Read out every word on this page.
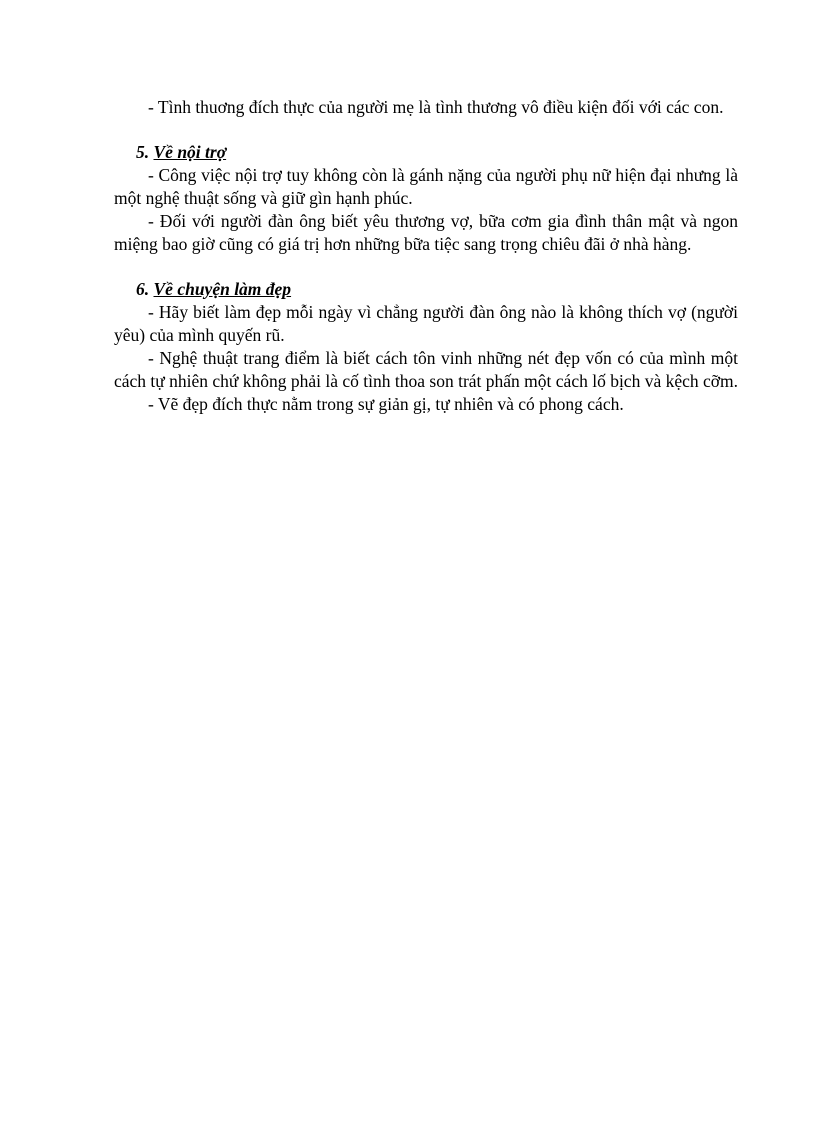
- Tình thuơng đích thực của người mẹ là tình thương vô điều kiện đối với các con.

5. Về nội trợ

- Công việc nội trợ tuy không còn là gánh nặng của người phụ nữ hiện đại nhưng là một nghệ thuật sống và giữ gìn hạnh phúc.

- Đối với người đàn ông biết yêu thương vợ, bữa cơm gia đình thân mật và ngon miệng bao giờ cũng có giá trị hơn những bữa tiệc sang trọng chiêu đãi ở nhà hàng.

6. Về chuyện làm đẹp

- Hãy biết làm đẹp mỗi ngày vì chẳng người đàn ông nào là không thích vợ (người yêu) của mình quyến rũ.

- Nghệ thuật trang điểm là biết cách tôn vinh những nét đẹp vốn có của mình một cách tự nhiên chứ không phải là cố tình thoa son trát phấn một cách lố bịch và kệch cỡm.

- Vẽ đẹp đích thực nằm trong sự giản gị, tự nhiên và có phong cách.
